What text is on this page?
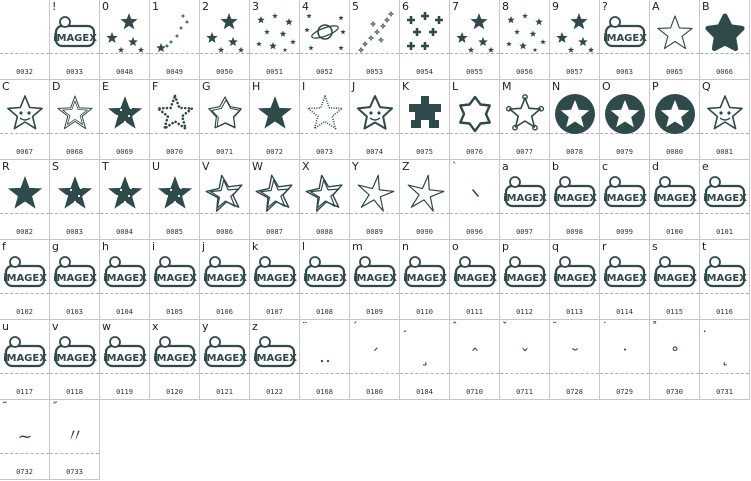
0032
!
iMAGEX
0033
0
0048
1
0049
2
0050
3
0051
4
0052
5
0053
6
0054
7
0055
8
0056
9
0057
?
iMAGEX
0063
A
0065
B
0066
C
0067
D
0068
E
0069
F
0070
G
0071
H
0072
I
0073
J
0074
K
0075
L
0076
M
0077
N
0078
O
0079
P
0080
Q
0081
R
0082
S
0083
T
0084
U
0085
V
0086
W
0087
X
0088
Y
0089
Z
0090
`
0096
a
iMAGEX
0097
b
iMAGEX
0098
c
iMAGEX
0099
d
iMAGEX
0100
e
iMAGEX
0101
f
iMAGEX
0102
g
iMAGEX
0103
h
iMAGEX
0104
i
iMAGEX
0105
j
iMAGEX
0106
k
iMAGEX
0107
l
iMAGEX
0108
m
iMAGEX
0109
n
iMAGEX
0110
o
iMAGEX
0111
p
iMAGEX
0112
q
iMAGEX
0113
r
iMAGEX
0114
s
iMAGEX
0115
t
iMAGEX
0116
u
iMAGEX
0117
v
iMAGEX
0118
w
iMAGEX
0119
x
iMAGEX
0120
y
iMAGEX
0121
z
iMAGEX
0122
¨
‥
0168
´
ˊ
0180
¸
¸
0184
ˆ
ˆ
0710
ˇ
ˇ
0711
˘
˘
0728
˙
˙
0729
˚
˚
0730
˛
˛
0731
˜
~
0732
˝
〃
0733
